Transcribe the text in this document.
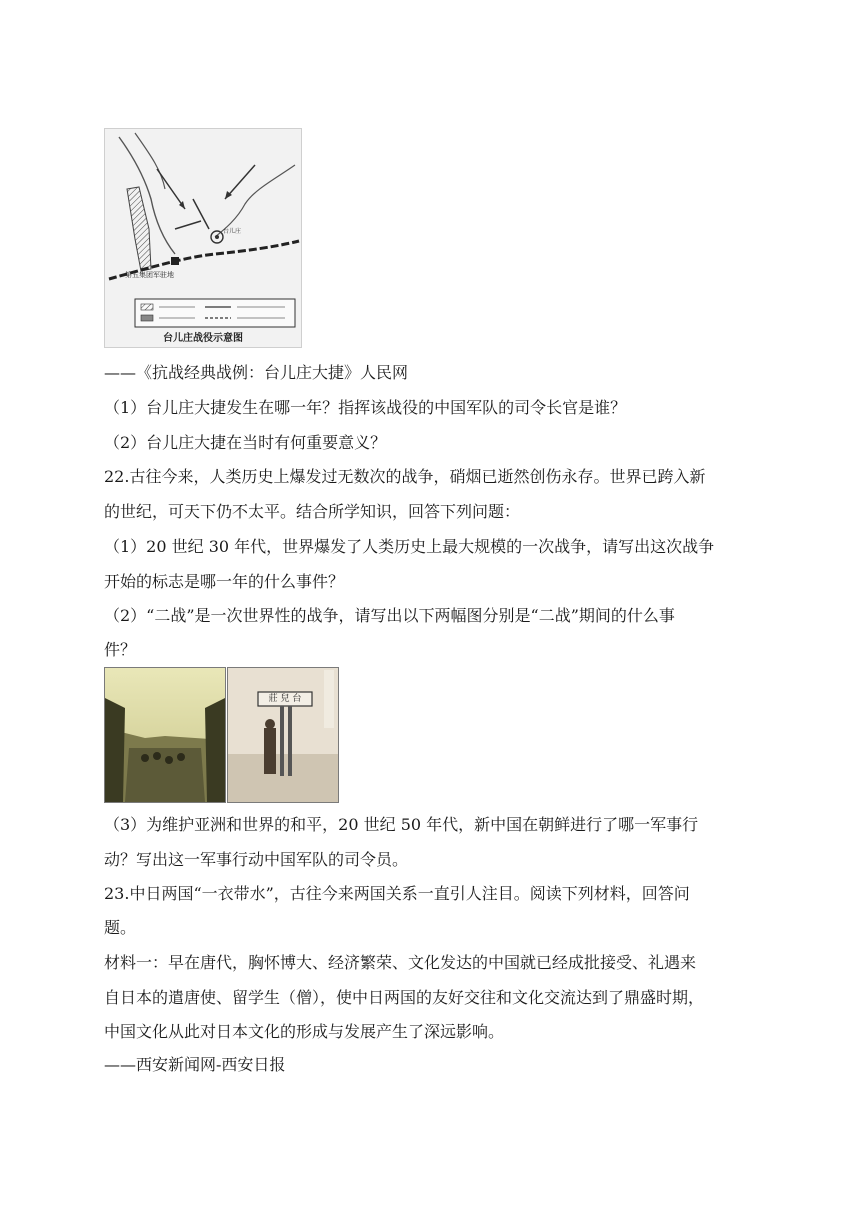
第五集团军驻地
台儿庄
台儿庄战役示意图
——《抗战经典战例：台儿庄大捷》人民网
（1）台儿庄大捷发生在哪一年？指挥该战役的中国军队的司令长官是谁？
（2）台儿庄大捷在当时有何重要意义？
22.古往今来，人类历史上爆发过无数次的战争，硝烟已逝然创伤永存。世界已跨入新
的世纪，可天下仍不太平。结合所学知识，回答下列问题：
（1）20 世纪 30 年代，世界爆发了人类历史上最大规模的一次战争，请写出这次战争
开始的标志是哪一年的什么事件？
（2）“二战”是一次世界性的战争，请写出以下两幅图分别是“二战”期间的什么事
件？
莊 兒 台
（3）为维护亚洲和世界的和平，20 世纪 50 年代，新中国在朝鲜进行了哪一军事行
动？写出这一军事行动中国军队的司令员。
23.中日两国“一衣带水”，古往今来两国关系一直引人注目。阅读下列材料，回答问
题。
材料一：早在唐代，胸怀博大、经济繁荣、文化发达的中国就已经成批接受、礼遇来
自日本的遣唐使、留学生（僧），使中日两国的友好交往和文化交流达到了鼎盛时期，
中国文化从此对日本文化的形成与发展产生了深远影响。
——西安新闻网-西安日报
